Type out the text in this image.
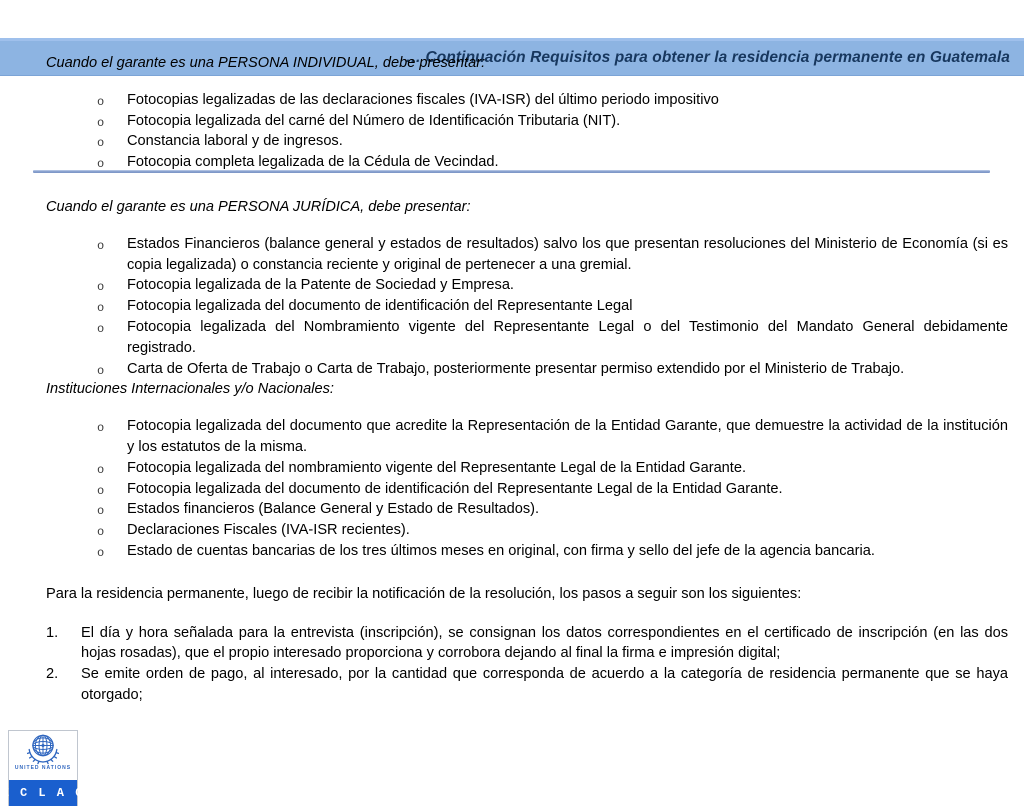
… Continuación Requisitos para obtener la residencia permanente en Guatemala

Cuando el garante es una PERSONA INDIVIDUAL, debe presentar:

o Fotocopias legalizadas de las declaraciones fiscales (IVA-ISR) del último periodo impositivo
o Fotocopia legalizada del carné del Número de Identificación Tributaria (NIT).
o Constancia laboral y de ingresos.
o Fotocopia completa legalizada de la Cédula de Vecindad.

Cuando el garante es una PERSONA JURÍDICA, debe presentar:

o Estados Financieros (balance general y estados de resultados) salvo los que presentan resoluciones del Ministerio de Economía (si es copia legalizada) o constancia reciente y original de pertenecer a una gremial.
o Fotocopia legalizada de la Patente de Sociedad y Empresa.
o Fotocopia legalizada del documento de identificación del Representante Legal
o Fotocopia legalizada del Nombramiento vigente del Representante Legal o del Testimonio del Mandato General debidamente registrado.
o Carta de Oferta de Trabajo o Carta de Trabajo, posteriormente presentar permiso extendido por el Ministerio de Trabajo.

Instituciones Internacionales y/o Nacionales:

o Fotocopia legalizada del documento que acredite la Representación de la Entidad Garante, que demuestre la actividad de la institución y los estatutos de la misma.
o Fotocopia legalizada del nombramiento vigente del Representante Legal de la Entidad Garante.
o Fotocopia legalizada del documento de identificación del Representante Legal de la Entidad Garante.
o Estados financieros (Balance General y Estado de Resultados).
o Declaraciones Fiscales (IVA-ISR recientes).
o Estado de cuentas bancarias de los tres últimos meses en original, con firma y sello del jefe de la agencia bancaria.

Para la residencia permanente, luego de recibir la notificación de la resolución, los pasos a seguir son los siguientes:

1. El día y hora señalada para la entrevista (inscripción), se consignan los datos correspondientes en el certificado de inscripción (en las dos hojas rosadas), que el propio interesado proporciona y corrobora dejando al final la firma e impresión digital;
2. Se emite orden de pago, al interesado, por la cantidad que corresponda de acuerdo a la categoría de residencia permanente que se haya otorgado;
UNITED NATIONS
E C L A C
